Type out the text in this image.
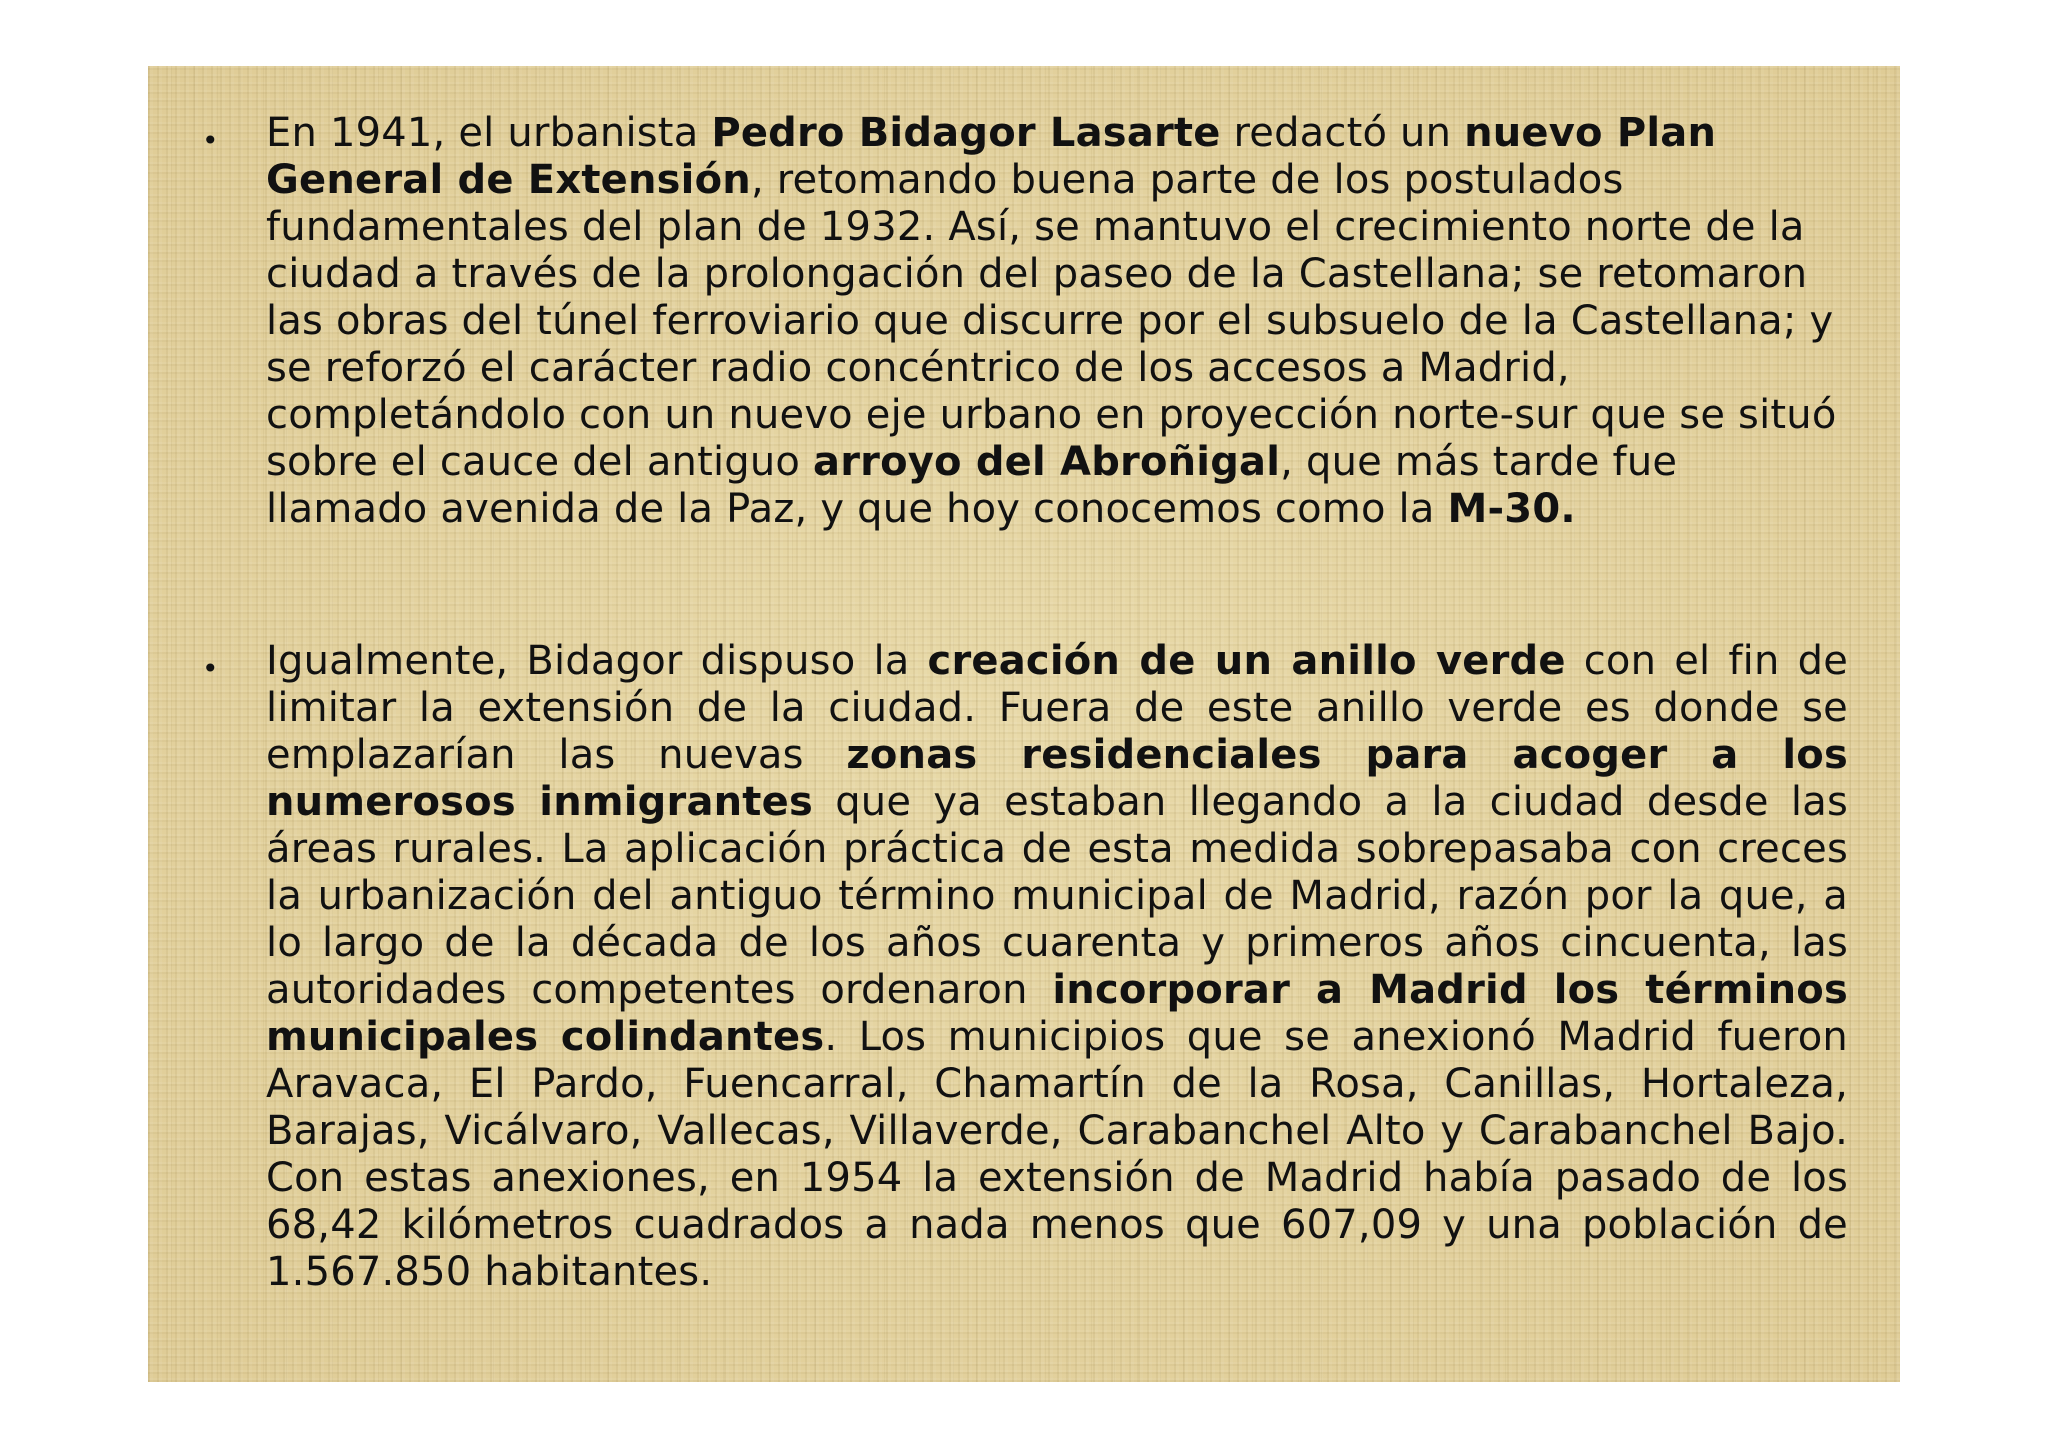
• En 1941, el urbanista Pedro Bidagor Lasarte redactó un nuevo Plan General de Extensión, retomando buena parte de los postulados fundamentales del plan de 1932. Así, se mantuvo el crecimiento norte de la ciudad a través de la prolongación del paseo de la Castellana; se retomaron las obras del túnel ferroviario que discurre por el subsuelo de la Castellana; y se reforzó el carácter radio concéntrico de los accesos a Madrid, completándolo con un nuevo eje urbano en proyección norte-sur que se situó sobre el cauce del antiguo arroyo del Abroñigal, que más tarde fue llamado avenida de la Paz, y que hoy conocemos como la M-30.
• Igualmente, Bidagor dispuso la creación de un anillo verde con el fin de limitar la extensión de la ciudad. Fuera de este anillo verde es donde se emplazarían las nuevas zonas residenciales para acoger a los numerosos inmigrantes que ya estaban llegando a la ciudad desde las áreas rurales. La aplicación práctica de esta medida sobrepasaba con creces la urbanización del antiguo término municipal de Madrid, razón por la que, a lo largo de la década de los años cuarenta y primeros años cincuenta, las autoridades competentes ordenaron incorporar a Madrid los términos municipales colindantes. Los municipios que se anexionó Madrid fueron Aravaca, El Pardo, Fuencarral, Chamartín de la Rosa, Canillas, Hortaleza, Barajas, Vicálvaro, Vallecas, Villaverde, Carabanchel Alto y Carabanchel Bajo. Con estas anexiones, en 1954 la extensión de Madrid había pasado de los 68,42 kilómetros cuadrados a nada menos que 607,09 y una población de 1.567.850 habitantes.
